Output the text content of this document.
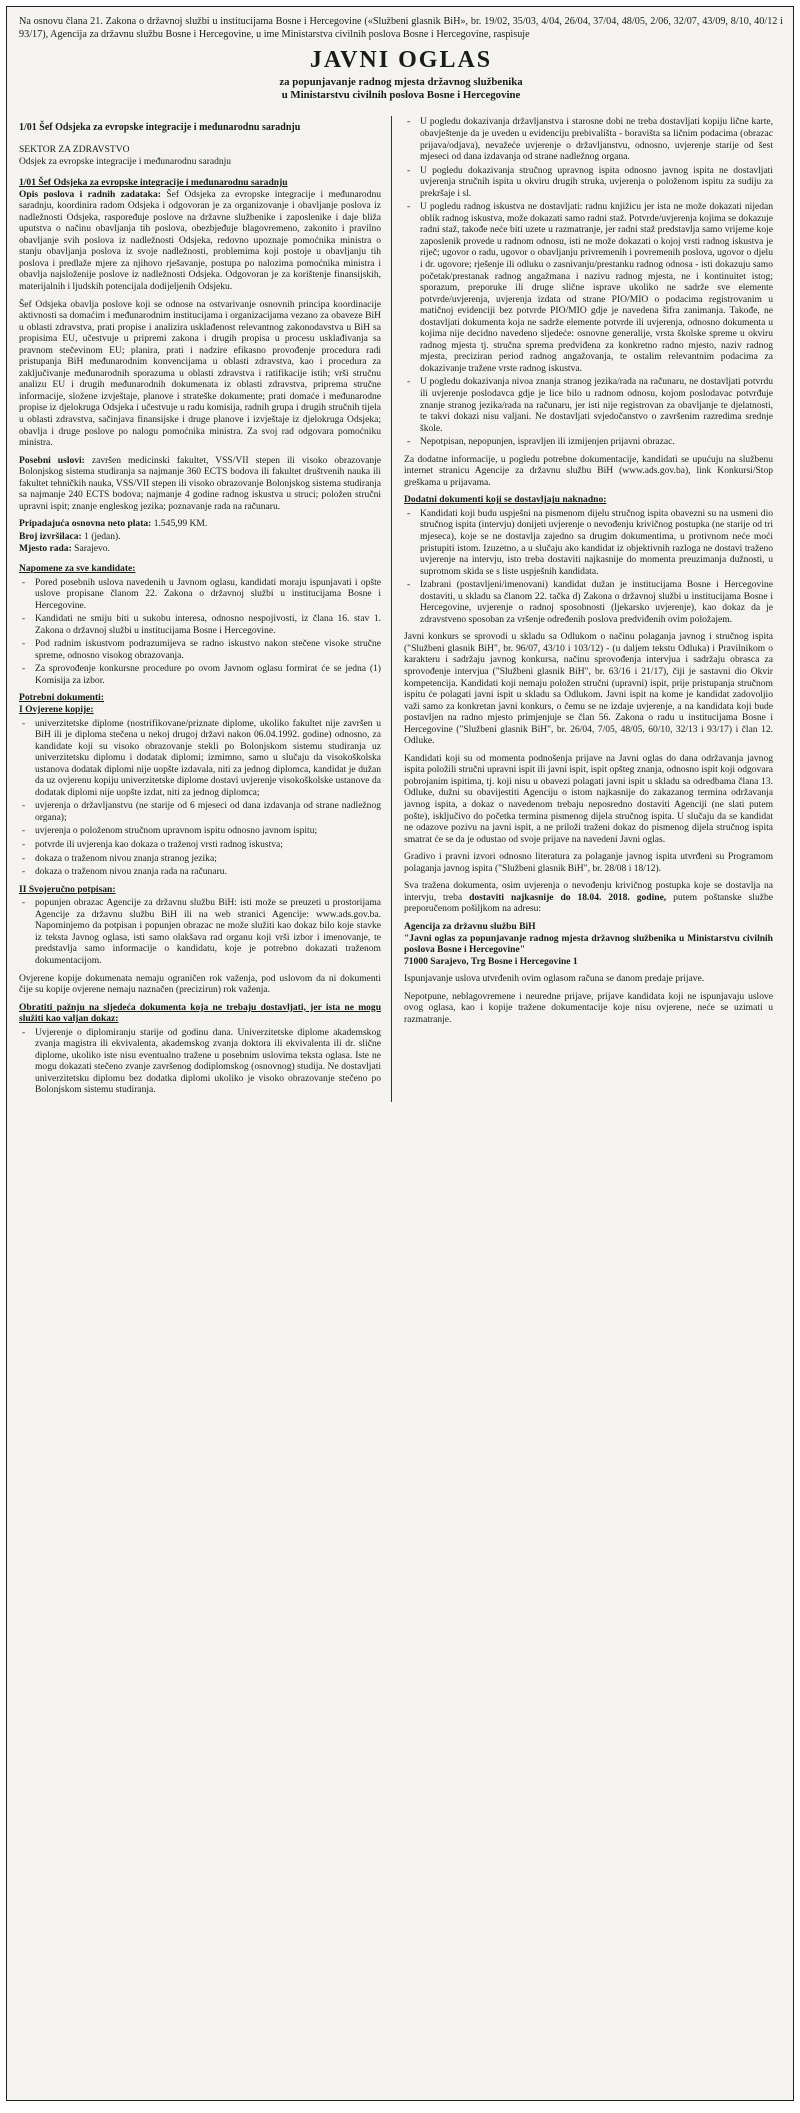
Na osnovu člana 21. Zakona o državnoj službi u institucijama Bosne i Hercegovine («Službeni glasnik BiH», br. 19/02, 35/03, 4/04, 26/04, 37/04, 48/05, 2/06, 32/07, 43/09, 8/10, 40/12 i 93/17), Agencija za državnu službu Bosne i Hercegovine, u ime Ministarstva civilnih poslova Bosne i Hercegovine, raspisuje

JAVNI OGLAS
za popunjavanje radnog mjesta državnog službenika
u Ministarstvu civilnih poslova Bosne i Hercegovine
1/01 Šef Odsjeka za evropske integracije i međunarodnu saradnju
SEKTOR ZA ZDRAVSTVO
Odsjek za evropske integracije i međunarodnu saradnju
1/01 Šef Odsjeka za evropske integracije i međunarodnu saradnju

Opis poslova i radnih zadataka: Šef Odsjeka za evropske integracije i međunarodnu saradnju, koordinira radom Odsjeka i odgovoran je za organizovanje i obavljanje poslova iz nadležnosti Odsjeka, raspoređuje poslove na državne službenike i zaposlenike i daje bliža uputstva o načinu obavljanja tih poslova, obezbjeđuje blagovremeno, zakonito i pravilno obavljanje svih poslova iz nadležnosti Odsjeka, redovno upoznaje pomoćnika ministra o stanju obavljanja poslova iz svoje nadležnosti, problemima koji postoje u obavljanju tih poslova i predlaže mjere za njihovo rješavanje, postupa po nalozima pomoćnika ministra i obavlja najsloženije poslove iz nadležnosti Odsjeka. Odgovoran je za korištenje finansijskih, materijalnih i ljudskih potencijala dodijeljenih Odsjeku.

Šef Odsjeka obavlja poslove koji se odnose na ostvarivanje osnovnih principa koordinacije aktivnosti sa domaćim i međunarodnim institucijama i organizacijama vezano za obaveze BiH u oblasti zdravstva, prati propise i analizira usklađenost relevantnog zakonodavstva u BiH sa propisima EU, učestvuje u pripremi zakona i drugih propisa u procesu usklađivanja sa pravnom stečevinom EU; planira, prati i nadzire efikasno provođenje procedura radi pristupanja BiH međunarodnim konvencijama u oblasti zdravstva, kao i procedura za zaključivanje međunarodnih sporazuma u oblasti zdravstva i ratifikacije istih; vrši stručnu analizu EU i drugih međunarodnih dokumenata iz oblasti zdravstva, priprema stručne informacije, složene izvještaje, planove i strateške dokumente; prati domaće i međunarodne propise iz djelokruga Odsjeka i učestvuje u radu komisija, radnih grupa i drugih stručnih tijela u oblasti zdravstva, sačinjava finansijske i druge planove i izvještaje iz djelokruga Odsjeka; obavlja i druge poslove po nalogu pomoćnika ministra. Za svoj rad odgovara pomoćniku ministra.

Posebni uslovi: završen medicinski fakultet, VSS/VII stepen ili visoko obrazovanje Bolonjskog sistema studiranja sa najmanje 360 ECTS bodova ili fakultet društvenih nauka ili fakultet tehničkih nauka, VSS/VII stepen ili visoko obrazovanje Bolonjskog sistema studiranja sa najmanje 240 ECTS bodova; najmanje 4 godine radnog iskustva u struci; položen stručni upravni ispit; znanje engleskog jezika; poznavanje rada na računaru.

Pripadajuća osnovna neto plata: 1.545,99 KM.
Broj izvršilaca: 1 (jedan).
Mjesto rada: Sarajevo.
Napomene za sve kandidate:
- Pored posebnih uslova navedenih u Javnom oglasu, kandidati moraju ispunjavati i opšte uslove propisane članom 22. Zakona o državnoj službi u institucijama Bosne i Hercegovine.
- Kandidati ne smiju biti u sukobu interesa, odnosno nespojivosti, iz člana 16. stav 1. Zakona o državnoj službi u institucijama Bosne i Hercegovine.
- Pod radnim iskustvom podrazumijeva se radno iskustvo nakon stečene visoke stručne spreme, odnosno visokog obrazovanja.
- Za sprovođenje konkursne procedure po ovom Javnom oglasu formirat će se jedna (1) Komisija za izbor.
Potrebni dokumenti:
I Ovjerene kopije:
- univerzitetske diplome (nostrifikovane/priznate diplome, ukoliko fakultet nije završen u BiH ili je diploma stečena u nekoj drugoj državi nakon 06.04.1992. godine) odnosno, za kandidate koji su visoko obrazovanje stekli po Bolonjskom sistemu studiranja uz univerzitetsku diplomu i dodatak diplomi; izmimno, samo u slučaju da visokoškolska ustanova dodatak diplomi nije uopšte izdavala, niti za jednog diplomca, kandidat je dužan da uz ovjerenu kopiju univerzitetske diplome dostavi uvjerenje visokoškolske ustanove da dodatak diplomi nije uopšte izdat, niti za jednog diplomca;
- uvjerenja o državljanstvu (ne starije od 6 mjeseci od dana izdavanja od strane nadležnog organa);
- uvjerenja o položenom stručnom upravnom ispitu odnosno javnom ispitu;
- potvrde ili uvjerenja kao dokaza o traženoj vrsti radnog iskustva;
- dokaza o traženom nivou znanja stranog jezika;
- dokaza o traženom nivou znanja rada na računaru.
II Svojeručno potpisan:
- popunjen obrazac Agencije za državnu službu BiH: isti može se preuzeti u prostorijama Agencije za državnu službu BiH ili na web stranici Agencije: www.ads.gov.ba. Napominjemo da potpisan i popunjen obrazac ne može služiti kao dokaz bilo koje stavke iz teksta Javnog oglasa, isti samo olakšava rad organu koji vrši izbor i imenovanje, te predstavlja samo informacije o kandidatu, koje je potrebno dokazati traženom dokumentacijom.

Ovjerene kopije dokumenata nemaju ograničen rok važenja, pod uslovom da ni dokumenti čije su kopije ovjerene nemaju naznačen (precizirun) rok važenja.

Obratiti pažnju na sljedeća dokumenta koja ne trebaju dostavljati, jer ista ne mogu služiti kao valjan dokaz:
- Uvjerenje o diplomiranju starije od godinu dana. Univerzitetske diplome akademskog zvanja magistra ili ekvivalenta, akademskog zvanja doktora ili ekvivalenta ili dr. slične diplome, ukoliko iste nisu eventualno tražene u posebnim uslovima teksta oglasa. Iste ne mogu dokazati stečeno zvanje završenog dodiplomskog (osnovnog) studija. Ne dostavljati univerzitetsku diplomu bez dodatka diplomi ukoliko je visoko obrazovanje stečeno po Bolonjskom sistemu studiranja.
- U pogledu dokazivanja državljanstva i starosne dobi ne treba dostavljati kopiju lične karte, obavještenje da je uveden u evidenciju prebivališta - boravišta sa ličnim podacima (obrazac prijava/odjava), nevažeće uvjerenje o državljanstvu, odnosno, uvjerenje starije od šest mjeseci od dana izdavanja od strane nadležnog organa.
- U pogledu dokazivanja stručnog upravnog ispita odnosno javnog ispita ne dostavljati uvjerenja stručnih ispita u okviru drugih struka, uvjerenja o položenom ispitu za sudiju za prekršaje i sl.
- U pogledu radnog iskustva ne dostavljati: radnu knjižicu jer ista ne može dokazati nijedan oblik radnog iskustva, može dokazati samo radni staž. Potvrde/uvjerenja kojima se dokazuje radni staž, takođe neće biti uzete u razmatranje, jer radni staž predstavlja samo vrijeme koje zaposlenik provede u radnom odnosu, isti ne može dokazati o kojoj vrsti radnog iskustva je riječ; ugovor o radu, ugovor o obavljanju privremenih i povremenih poslova, ugovor o djelu i dr. ugovore; rješenje ili odluku o zasnivanju/prestanku radnog odnosa - isti dokazuju samo početak/prestanak radnog angažmana i nazivu radnog mjesta, ne i kontinuitet istog; sporazum, preporuke ili druge slične isprave ukoliko ne sadrže sve elemente potvrde/uvjerenja, uvjerenja izdata od strane PIO/MIO o podacima registrovanim u matičnoj evidenciji bez potvrde PIO/MIO gdje je navedena šifra zanimanja. Takođe, ne dostavljati dokumenta koja ne sadrže elemente potvrde ili uvjerenja, odnosno dokumenta u kojima nije decidno navedeno sljedeće: osnovne generalije, vrsta školske spreme u okviru radnog mjesta tj. stručna sprema predviđena za konkretno radno mjesto, naziv radnog mjesta, preciziran period radnog angažovanja, te ostalim relevantnim podacima za dokazivanje tražene vrste radnog iskustva.
- U pogledu dokazivanja nivoa znanja stranog jezika/rada na računaru, ne dostavljati potvrdu ili uvjerenje poslodavca gdje je lice bilo u radnom odnosu, kojom poslodavac potvrđuje znanje stranog jezika/rada na računaru, jer isti nije registrovan za obavljanje te djelatnosti, te takvi dokazi nisu valjani. Ne dostavljati svjedočanstvo o završenim razredima srednje škole.
- Nepotpisan, nepopunjen, ispravljen ili izmijenjen prijavni obrazac.

Za dodatne informacije, u pogledu potrebne dokumentacije, kandidati se upućuju na službenu internet stranicu Agencije za državnu službu BiH (www.ads.gov.ba), link Konkursi/Stop greškama u prijavama.

Dodatni dokumenti koji se dostavljaju naknadno:
- Kandidati koji budu uspješni na pismenom dijelu stručnog ispita obavezni su na usmeni dio stručnog ispita (intervju) donijeti uvjerenje o nevođenju krivičnog postupka (ne starije od tri mjeseca), koje se ne dostavlja zajedno sa drugim dokumentima, u protivnom neće moći pristupiti istom. Izuzetno, a u slučaju ako kandidat iz objektivnih razloga ne dostavi traženo uvjerenje na intervju, isto treba dostaviti najkasnije do momenta preuzimanja dužnosti, u suprotnom skida se s liste uspješnih kandidata.
- Izabrani (postavljeni/imenovani) kandidat dužan je institucijama Bosne i Hercegovine dostaviti, u skladu sa članom 22. tačka d) Zakona o državnoj službi u institucijama Bosne i Hercegovine, uvjerenje o radnoj sposobnosti (ljekarsko uvjerenje), kao dokaz da je zdravstveno sposoban za vršenje određenih poslova predviđenih ovim položajem.

Javni konkurs se sprovodi u skladu sa Odlukom o načinu polaganja javnog i stručnog ispita ("Službeni glasnik BiH", br. 96/07, 43/10 i 103/12) - (u daljem tekstu Odluka) i Pravilnikom o karakteru i sadržaju javnog konkursa, načinu sprovođenja intervjua i sadržaju obrasca za sprovođenje intervjua ("Službeni glasnik BiH", br. 63/16 i 21/17), čiji je sastavni dio Okvir kompetencija. Kandidati koji nemaju položen stručni (upravni) ispit, prije pristupanja stručnom ispitu će polagati javni ispit u skladu sa Odlukom. Javni ispit na kome je kandidat zadovoljio važi samo za konkretan javni konkurs, o čemu se ne izdaje uvjerenje, a na kandidata koji bude postavljen na radno mjesto primjenjuje se član 56. Zakona o radu u institucijama Bosne i Hercegovine ("Službeni glasnik BiH", br. 26/04, 7/05, 48/05, 60/10, 32/13 i 93/17) i član 12. Odluke.

Kandidati koji su od momenta podnošenja prijave na Javni oglas do dana održavanja javnog ispita položili stručni upravni ispit ili javni ispit, ispit opšteg znanja, odnosno ispit koji odgovara pobrojanim ispitima, tj. koji nisu u obavezi polagati javni ispit u skladu sa odredbama člana 13. Odluke, dužni su obavijestiti Agenciju o istom najkasnije do zakazanog termina održavanja javnog ispita, a dokaz o navedenom trebaju neposredno dostaviti Agenciji (ne slati putem pošte), isključivo do početka termina pismenog dijela stručnog ispita. U slučaju da se kandidat ne odazove pozivu na javni ispit, a ne priloži traženi dokaz do pismenog dijela stručnog ispita smatrat će se da je odustao od svoje prijave na navedeni Javni oglas.

Gradivo i pravni izvori odnosno literatura za polaganje javnog ispita utvrđeni su Programom polaganja javnog ispita ("Službeni glasnik BiH", br. 28/08 i 18/12).

Sva tražena dokumenta, osim uvjerenja o nevođenju krivičnog postupka koje se dostavlja na intervju, treba dostaviti najkasnije do 18.04. 2018. godine, putem poštanske službe preporučenom pošiljkom na adresu:

Agencija za državnu službu BiH
"Javni oglas za popunjavanje radnog mjesta državnog službenika u Ministarstvu civilnih poslova Bosne i Hercegovine"
71000 Sarajevo, Trg Bosne i Hercegovine 1

Ispunjavanje uslova utvrđenih ovim oglasom računa se danom predaje prijave.

Nepotpune, neblagovremene i neuredne prijave, prijave kandidata koji ne ispunjavaju uslove ovog oglasa, kao i kopije tražene dokumentacije koje nisu ovjerene, neće se uzimati u razmatranje.
